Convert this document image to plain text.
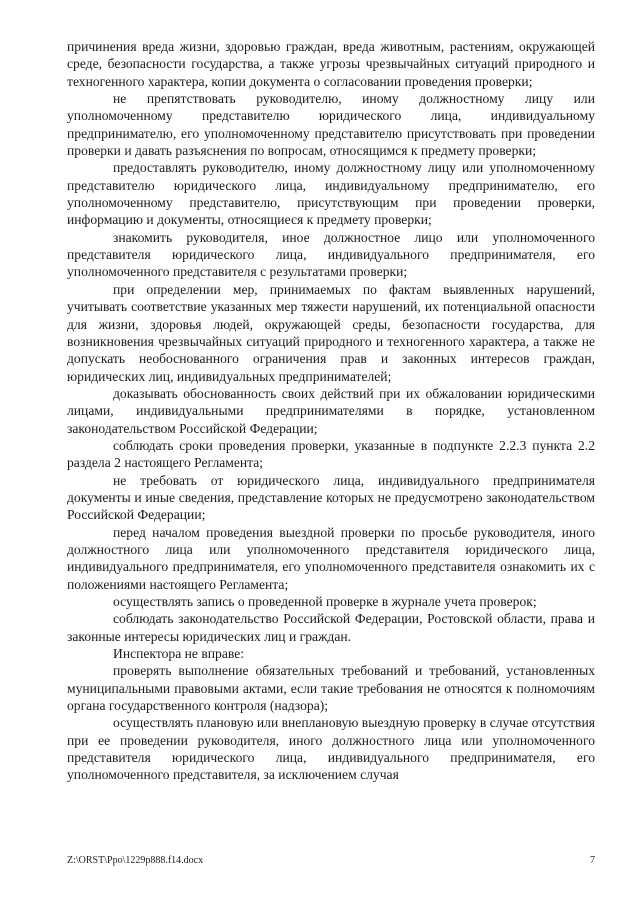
причинения вреда жизни, здоровью граждан, вреда животным, растениям, окружающей среде, безопасности государства, а также угрозы чрезвычайных ситуаций природного и техногенного характера, копии документа о согласовании проведения проверки;

не препятствовать руководителю, иному должностному лицу или уполномоченному представителю юридического лица, индивидуальному предпринимателю, его уполномоченному представителю присутствовать при проведении проверки и давать разъяснения по вопросам, относящимся к предмету проверки;

предоставлять руководителю, иному должностному лицу или уполномоченному представителю юридического лица, индивидуальному предпринимателю, его уполномоченному представителю, присутствующим при проведении проверки, информацию и документы, относящиеся к предмету проверки;

знакомить руководителя, иное должностное лицо или уполномоченного представителя юридического лица, индивидуального предпринимателя, его уполномоченного представителя с результатами проверки;

при определении мер, принимаемых по фактам выявленных нарушений, учитывать соответствие указанных мер тяжести нарушений, их потенциальной опасности для жизни, здоровья людей, окружающей среды, безопасности государства, для возникновения чрезвычайных ситуаций природного и техногенного характера, а также не допускать необоснованного ограничения прав и законных интересов граждан, юридических лиц, индивидуальных предпринимателей;

доказывать обоснованность своих действий при их обжаловании юридическими лицами, индивидуальными предпринимателями в порядке, установленном законодательством Российской Федерации;

соблюдать сроки проведения проверки, указанные в подпункте 2.2.3 пункта 2.2 раздела 2 настоящего Регламента;

не требовать от юридического лица, индивидуального предпринимателя документы и иные сведения, представление которых не предусмотрено законодательством Российской Федерации;

перед началом проведения выездной проверки по просьбе руководителя, иного должностного лица или уполномоченного представителя юридического лица, индивидуального предпринимателя, его уполномоченного представителя ознакомить их с положениями настоящего Регламента;

осуществлять запись о проведенной проверке в журнале учета проверок;

соблюдать законодательство Российской Федерации, Ростовской области, права и законные интересы юридических лиц и граждан.

Инспектора не вправе:

проверять выполнение обязательных требований и требований, установленных муниципальными правовыми актами, если такие требования не относятся к полномочиям органа государственного контроля (надзора);

осуществлять плановую или внеплановую выездную проверку в случае отсутствия при ее проведении руководителя, иного должностного лица или уполномоченного представителя юридического лица, индивидуального предпринимателя, его уполномоченного представителя, за исключением случая

Z:\ORST\Ppo\1229p888.f14.docx	7
